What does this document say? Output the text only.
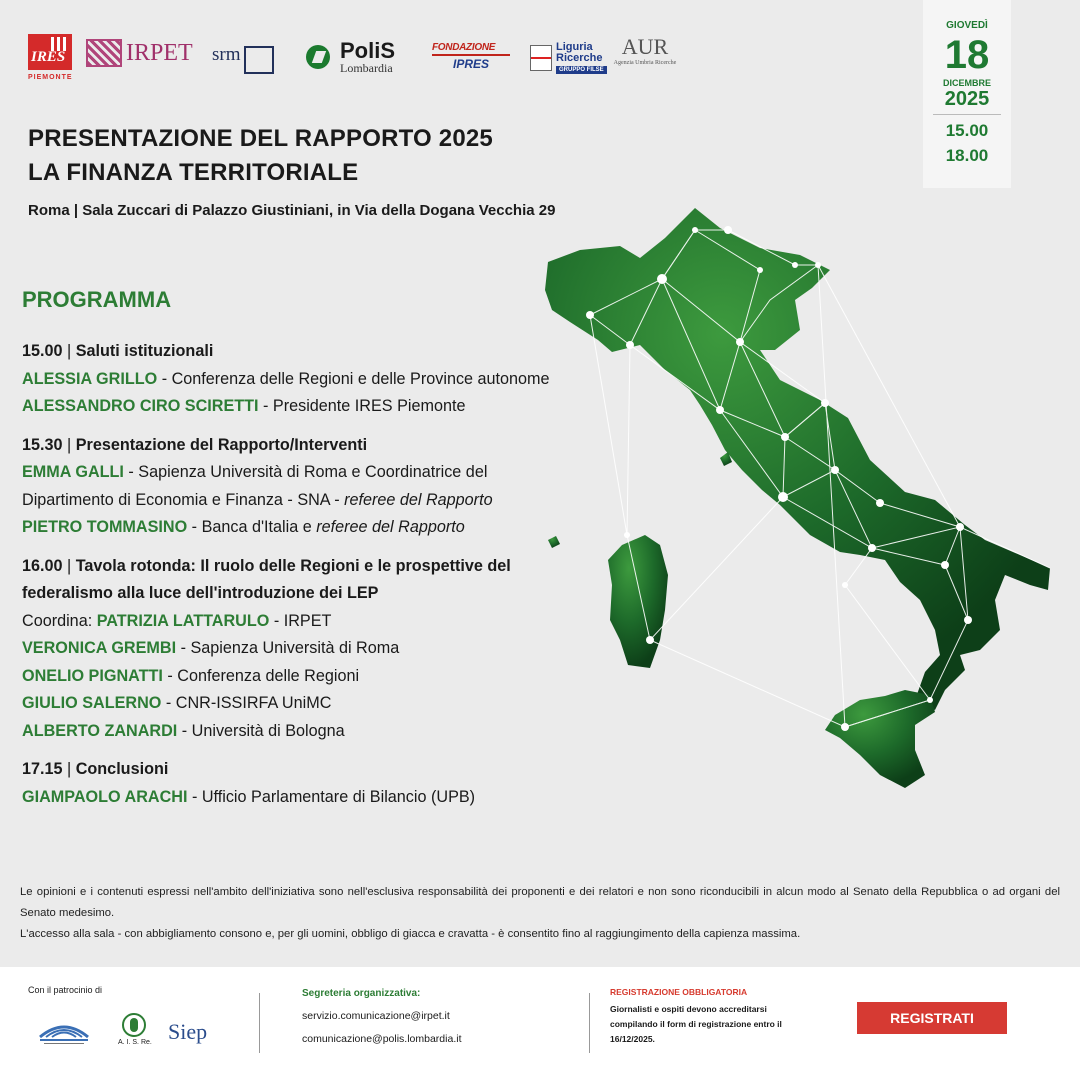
IRES
PIEMONTE
IRPET srm	PoliS
Lombardia
FONDAZIONE
IPRES
Liguria
Ricerche
GRUPPO FILSE
AUR
Agenzia Umbria Ricerche
GIOVEDÌ
18
DICEMBRE
2025
15.00
18.00
PRESENTAZIONE DEL RAPPORTO 2025
LA FINANZA TERRITORIALE
Roma | Sala Zuccari di Palazzo Giustiniani, in Via della Dogana Vecchia 29
PROGRAMMA
15.00 | Saluti istituzionali
ALESSIA GRILLO - Conferenza delle Regioni e delle Province autonome
ALESSANDRO CIRO SCIRETTI - Presidente IRES Piemonte
15.30 | Presentazione del Rapporto/Interventi
EMMA GALLI - Sapienza Università di Roma e Coordinatrice del Dipartimento di Economia e Finanza - SNA - referee del Rapporto
PIETRO TOMMASINO - Banca d'Italia e referee del Rapporto
16.00 | Tavola rotonda: Il ruolo delle Regioni e le prospettive del federalismo alla luce dell'introduzione dei LEP
Coordina: PATRIZIA LATTARULO - IRPET
VERONICA GREMBI - Sapienza Università di Roma
ONELIO PIGNATTI - Conferenza delle Regioni
GIULIO SALERNO - CNR-ISSIRFA UniMC
ALBERTO ZANARDI - Università di Bologna
17.15 | Conclusioni
GIAMPAOLO ARACHI - Ufficio Parlamentare di Bilancio (UPB)
Le opinioni e i contenuti espressi nell'ambito dell'iniziativa sono nell'esclusiva responsabilità dei proponenti e dei relatori e non sono riconducibili in alcun modo al Senato della Repubblica o ad organi del Senato medesimo.
L'accesso alla sala - con abbigliamento consono e, per gli uomini, obbligo di giacca e cravatta - è consentito fino al raggiungimento della capienza massima.
Con il patrocinio di
A. I. S. Re. Siep
Segreteria organizzativa:
servizio.comunicazione@irpet.it
comunicazione@polis.lombardia.it
REGISTRAZIONE OBBLIGATORIA
Giornalisti e ospiti devono accreditarsi compilando il form di registrazione entro il 16/12/2025.
REGISTRATI
